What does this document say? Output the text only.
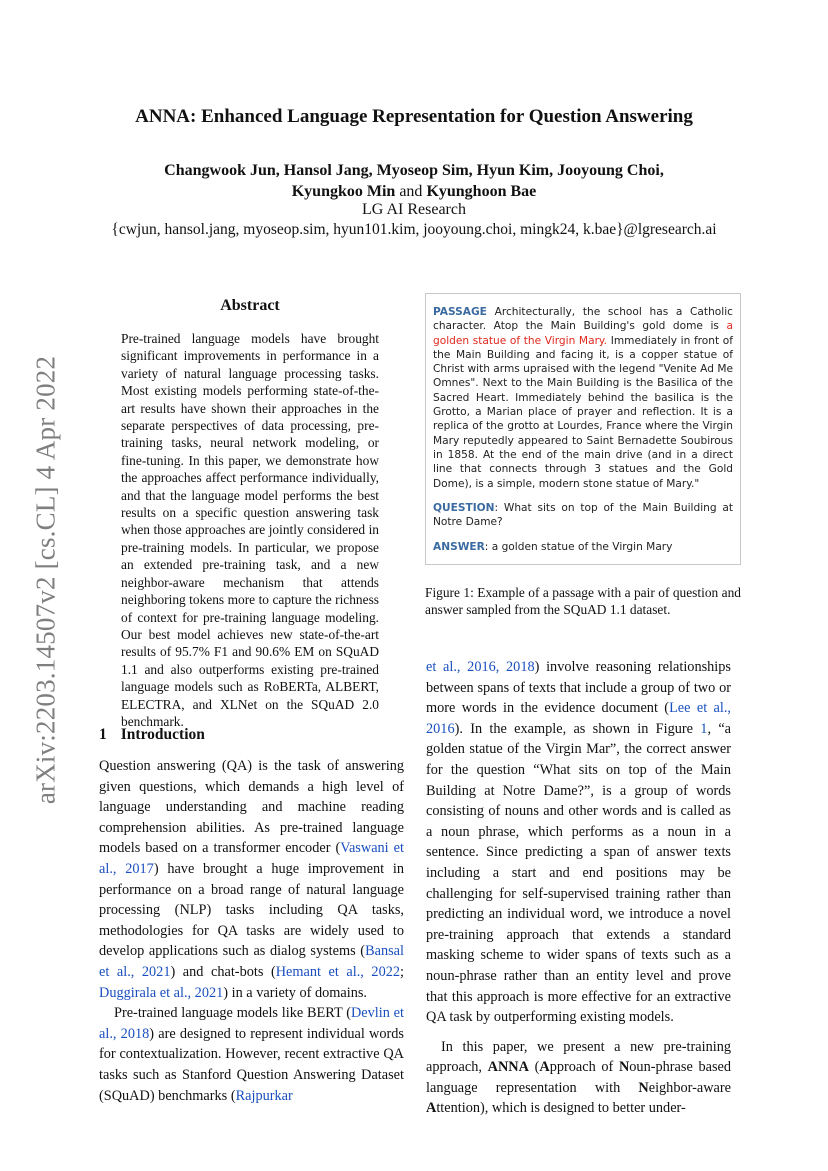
ANNA: Enhanced Language Representation for Question Answering
Changwook Jun, Hansol Jang, Myoseop Sim, Hyun Kim, Jooyoung Choi,
Kyungkoo Min and Kyunghoon Bae
LG AI Research
{cwjun, hansol.jang, myoseop.sim, hyun101.kim, jooyoung.choi, mingk24, k.bae}@lgresearch.ai
arXiv:2203.14507v2 [cs.CL] 4 Apr 2022
Abstract
Pre-trained language models have brought significant improvements in performance in a variety of natural language processing tasks. Most existing models performing state-of-the-art results have shown their approaches in the separate perspectives of data processing, pre-training tasks, neural network modeling, or fine-tuning. In this paper, we demonstrate how the approaches affect performance individually, and that the language model performs the best results on a specific question answering task when those approaches are jointly considered in pre-training models. In particular, we propose an extended pre-training task, and a new neighbor-aware mechanism that attends neighboring tokens more to capture the richness of context for pre-training language modeling. Our best model achieves new state-of-the-art results of 95.7% F1 and 90.6% EM on SQuAD 1.1 and also outperforms existing pre-trained language models such as RoBERTa, ALBERT, ELECTRA, and XLNet on the SQuAD 2.0 benchmark.
1 Introduction

Question answering (QA) is the task of answering given questions, which demands a high level of language understanding and machine reading comprehension abilities. As pre-trained language models based on a transformer encoder (Vaswani et al., 2017) have brought a huge improvement in performance on a broad range of natural language processing (NLP) tasks including QA tasks, methodologies for QA tasks are widely used to develop applications such as dialog systems (Bansal et al., 2021) and chat-bots (Hemant et al., 2022; Duggirala et al., 2021) in a variety of domains.

Pre-trained language models like BERT (Devlin et al., 2018) are designed to represent individual words for contextualization. However, recent extractive QA tasks such as Stanford Question Answering Dataset (SQuAD) benchmarks (Rajpurkar

PASSAGE Architecturally, the school has a Catholic character. Atop the Main Building's gold dome is a golden statue of the Virgin Mary. Immediately in front of the Main Building and facing it, is a copper statue of Christ with arms upraised with the legend "Venite Ad Me Omnes". Next to the Main Building is the Basilica of the Sacred Heart. Immediately behind the basilica is the Grotto, a Marian place of prayer and reflection. It is a replica of the grotto at Lourdes, France where the Virgin Mary reputedly appeared to Saint Bernadette Soubirous in 1858. At the end of the main drive (and in a direct line that connects through 3 statues and the Gold Dome), is a simple, modern stone statue of Mary."

QUESTION: What sits on top of the Main Building at Notre Dame?

ANSWER: a golden statue of the Virgin Mary

Figure 1: Example of a passage with a pair of question and answer sampled from the SQuAD 1.1 dataset.

et al., 2016, 2018) involve reasoning relationships between spans of texts that include a group of two or more words in the evidence document (Lee et al., 2016). In the example, as shown in Figure 1, “a golden statue of the Virgin Mar”, the correct answer for the question “What sits on top of the Main Building at Notre Dame?”, is a group of words consisting of nouns and other words and is called as a noun phrase, which performs as a noun in a sentence. Since predicting a span of answer texts including a start and end positions may be challenging for self-supervised training rather than predicting an individual word, we introduce a novel pre-training approach that extends a standard masking scheme to wider spans of texts such as a noun-phrase rather than an entity level and prove that this approach is more effective for an extractive QA task by outperforming existing models.

In this paper, we present a new pre-training approach, ANNA (Approach of Noun-phrase based language representation with Neighbor-aware Attention), which is designed to better under-
